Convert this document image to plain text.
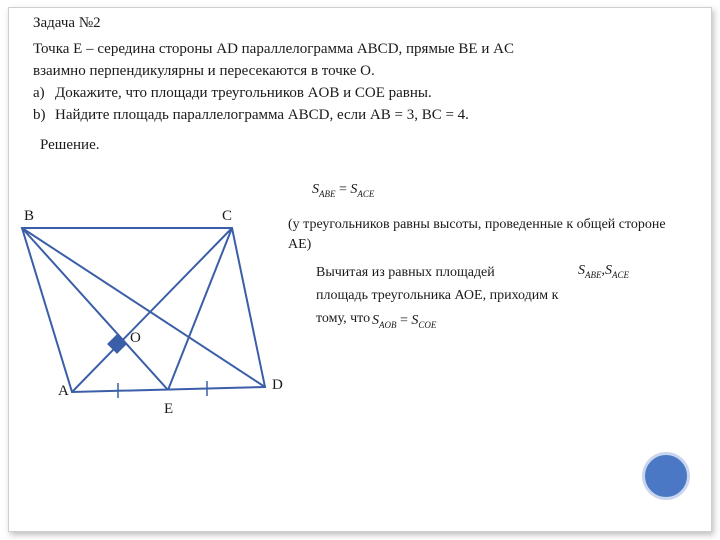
Задача №2
Точка Е – середина стороны AD параллелограмма ABCD, прямые BE и AC
взаимно перпендикулярны и пересекаются в точке О.
a) Докажите, что площади треугольников AOB и COE равны.
b) Найдите площадь параллелограмма ABCD, если AB = 3, BC = 4.
Решение.
$S_{ABE} = S_{ACE}$
(у треугольников равны высоты, проведенные к общей стороне АЕ)
Вычитая из равных площадей	$S_{ABE},S_{ACE}$
площадь треугольника АОЕ, приходим к
тому, что $S_{AOB} = S_{COE}$
B	C
A	D
E
O
